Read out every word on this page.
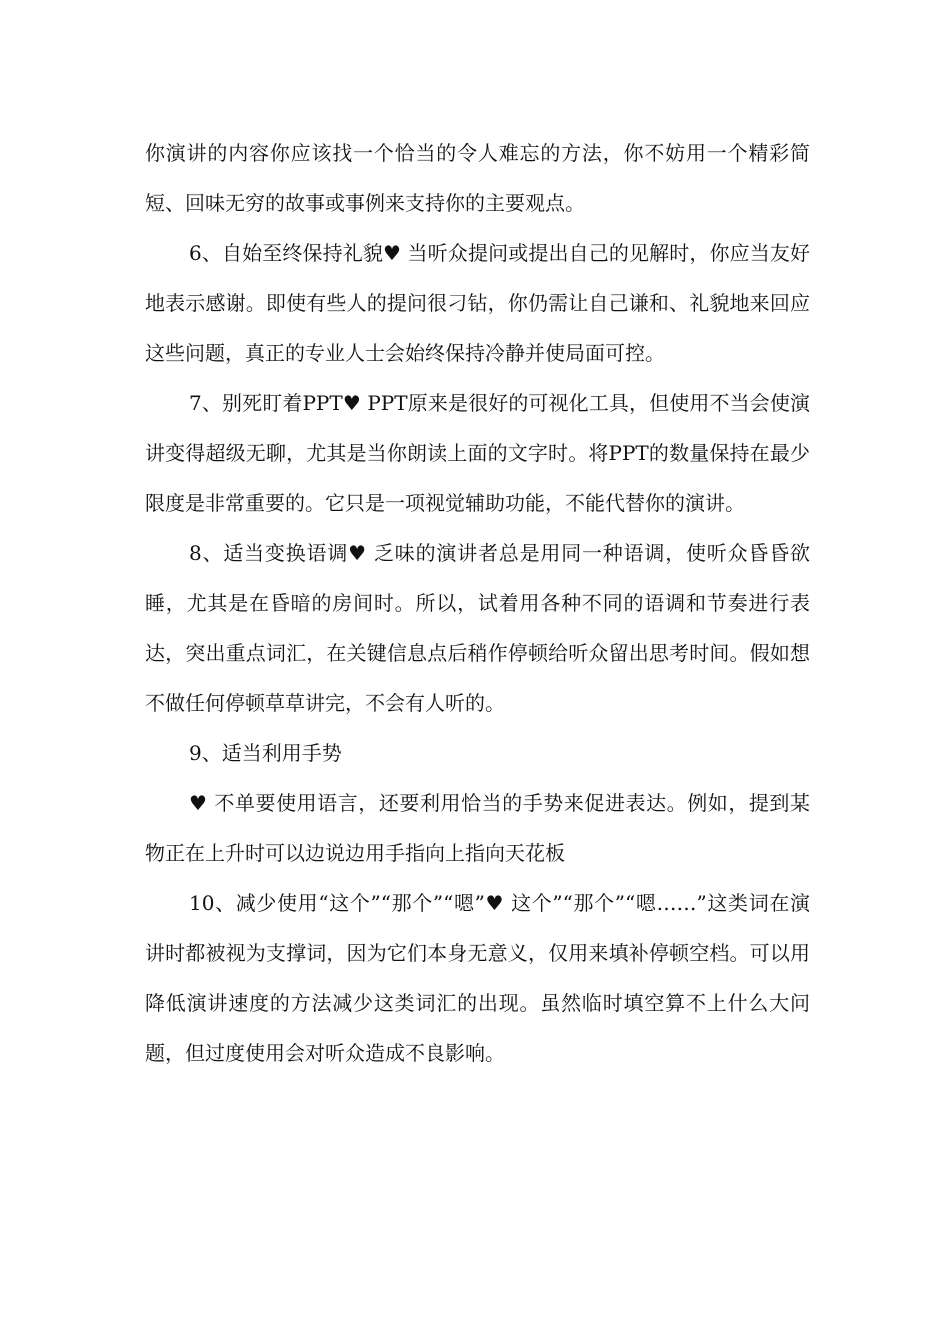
你演讲的内容你应该找一个恰当的令人难忘的方法，你不妨用一个精彩简短、回味无穷的故事或事例来支持你的主要观点。

6、自始至终保持礼貌♥ 当听众提问或提出自己的见解时，你应当友好地表示感谢。即使有些人的提问很刁钻，你仍需让自己谦和、礼貌地来回应这些问题，真正的专业人士会始终保持冷静并使局面可控。

7、别死盯着PPT♥ PPT原来是很好的可视化工具，但使用不当会使演讲变得超级无聊，尤其是当你朗读上面的文字时。将PPT的数量保持在最少限度是非常重要的。它只是一项视觉辅助功能，不能代替你的演讲。

8、适当变换语调♥ 乏味的演讲者总是用同一种语调，使听众昏昏欲睡，尤其是在昏暗的房间时。所以，试着用各种不同的语调和节奏进行表达，突出重点词汇，在关键信息点后稍作停顿给听众留出思考时间。假如想不做任何停顿草草讲完，不会有人听的。

9、适当利用手势

♥ 不单要使用语言，还要利用恰当的手势来促进表达。例如，提到某物正在上升时可以边说边用手指向上指向天花板

10、减少使用“这个”“那个”“嗯”♥ 这个”“那个”“嗯……”这类词在演讲时都被视为支撑词，因为它们本身无意义，仅用来填补停顿空档。可以用降低演讲速度的方法减少这类词汇的出现。虽然临时填空算不上什么大问题，但过度使用会对听众造成不良影响。
